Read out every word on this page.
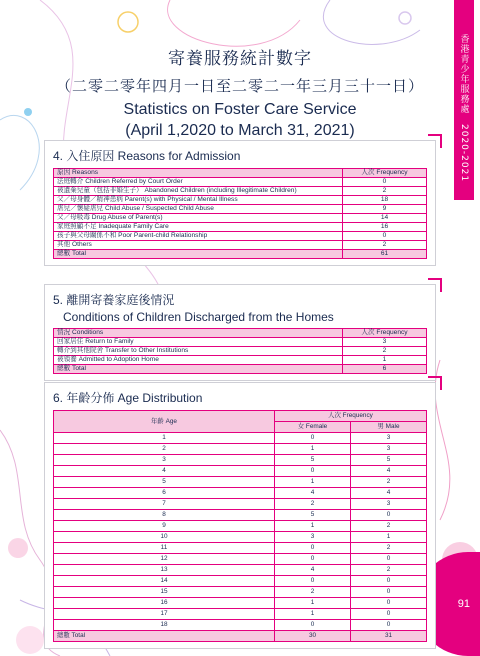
香港青少年服務處
2020-2021
91
寄養服務統計數字
（二零二零年四月一日至二零二一年三月三十一日）
Statistics on Foster Care Service
(April 1,2020 to March 31, 2021)
4. 入住原因 Reasons for Admission
原因 Reasons	人次 Frequency
法庭轉介 Children Referred by Court Order	0
被遺棄兒童（包括非婚生子） Abandoned Children (including Illegitimate Children)	2
父／母身體／精神患病 Parent(s) with Physical / Mental Illness	18
虐兒／懷疑虐兒 Child Abuse / Suspected Child Abuse	9
父／母吸毒 Drug Abuse of Parent(s)	14
家庭照顧不足 Inadequate Family Care	16
孩子與父母關係不和 Poor Parent-child Relationship	0
其他 Others	2
總數 Total	61
5. 離開寄養家庭後情況
Conditions of Children Discharged from the Homes
情況 Conditions	人次 Frequency
回家居住 Return to Family	3
轉介到其他院舍 Transfer to Other Institutions	2
被領養 Admitted to Adoption Home	1
總數 Total	6
6. 年齡分佈 Age Distribution
年齡 Age	人次 Frequency	
	女 Female	男 Male
1	0	3
2	1	3
3	5	5
4	0	4
5	1	2
6	4	4
7	2	3
8	5	0
9	1	2
10	3	1
11	0	2
12	0	0
13	4	2
14	0	0
15	2	0
16	1	0
17	1	0
18	0	0
總數 Total	30	31
